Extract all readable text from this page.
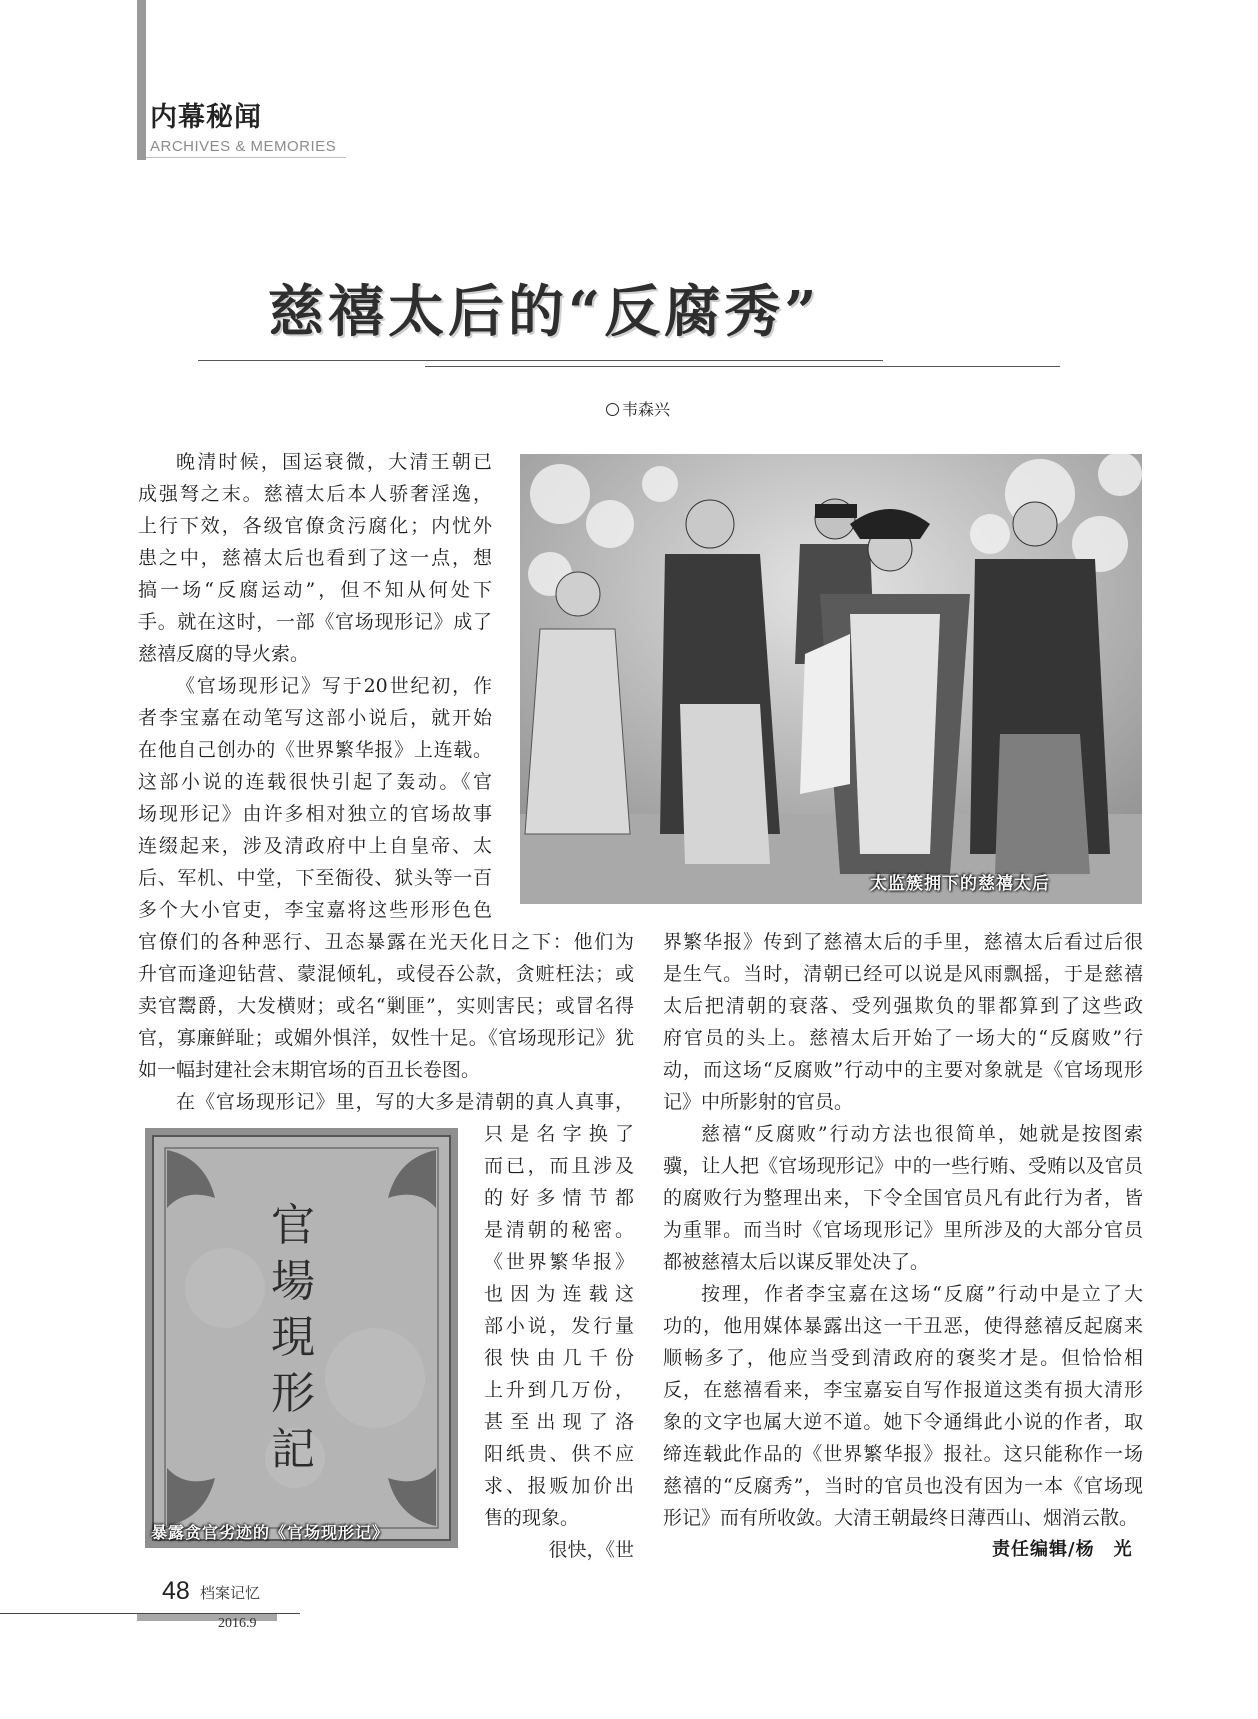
内幕秘闻
ARCHIVES & MEMORIES
慈禧太后的“反腐秀”
韦森兴
太监簇拥下的慈禧太后
官
場
現
形
記
暴露贪官劣迹的《官场现形记》
晚清时候，国运衰微，大清王朝已
成强弩之末。慈禧太后本人骄奢淫逸，
上行下效，各级官僚贪污腐化；内忧外
患之中，慈禧太后也看到了这一点，想
搞一场“反腐运动”，但不知从何处下
手。就在这时，一部《官场现形记》成了
慈禧反腐的导火索。
《官场现形记》写于20世纪初，作
者李宝嘉在动笔写这部小说后，就开始
在他自己创办的《世界繁华报》上连载。
这部小说的连载很快引起了轰动。《官
场现形记》由许多相对独立的官场故事
连缀起来，涉及清政府中上自皇帝、太
后、军机、中堂，下至衙役、狱头等一百
多个大小官吏，李宝嘉将这些形形色色
官僚们的各种恶行、丑态暴露在光天化日之下：他们为
升官而逢迎钻营、蒙混倾轧，或侵吞公款，贪赃枉法；或
卖官鬻爵，大发横财；或名“剿匪”，实则害民；或冒名得
官，寡廉鲜耻；或媚外惧洋，奴性十足。《官场现形记》犹
如一幅封建社会末期官场的百丑长卷图。
在《官场现形记》里，写的大多是清朝的真人真事，
只是名字换了
而已，而且涉及
的好多情节都
是清朝的秘密。
《世界繁华报》
也因为连载这
部小说，发行量
很快由几千份
上升到几万份，
甚至出现了洛
阳纸贵、供不应
求、报贩加价出
售的现象。
很快，《世
界繁华报》传到了慈禧太后的手里，慈禧太后看过后很
是生气。当时，清朝已经可以说是风雨飘摇，于是慈禧
太后把清朝的衰落、受列强欺负的罪都算到了这些政
府官员的头上。慈禧太后开始了一场大的“反腐败”行
动，而这场“反腐败”行动中的主要对象就是《官场现形
记》中所影射的官员。
慈禧“反腐败”行动方法也很简单，她就是按图索
骥，让人把《官场现形记》中的一些行贿、受贿以及官员
的腐败行为整理出来，下令全国官员凡有此行为者，皆
为重罪。而当时《官场现形记》里所涉及的大部分官员
都被慈禧太后以谋反罪处决了。
按理，作者李宝嘉在这场“反腐”行动中是立了大
功的，他用媒体暴露出这一干丑恶，使得慈禧反起腐来
顺畅多了，他应当受到清政府的褒奖才是。但恰恰相
反，在慈禧看来，李宝嘉妄自写作报道这类有损大清形
象的文字也属大逆不道。她下令通缉此小说的作者，取
缔连载此作品的《世界繁华报》报社。这只能称作一场
慈禧的“反腐秀”，当时的官员也没有因为一本《官场现
形记》而有所收敛。大清王朝最终日薄西山、烟消云散。
责任编辑/杨　光
48 档案记忆
2016.9
